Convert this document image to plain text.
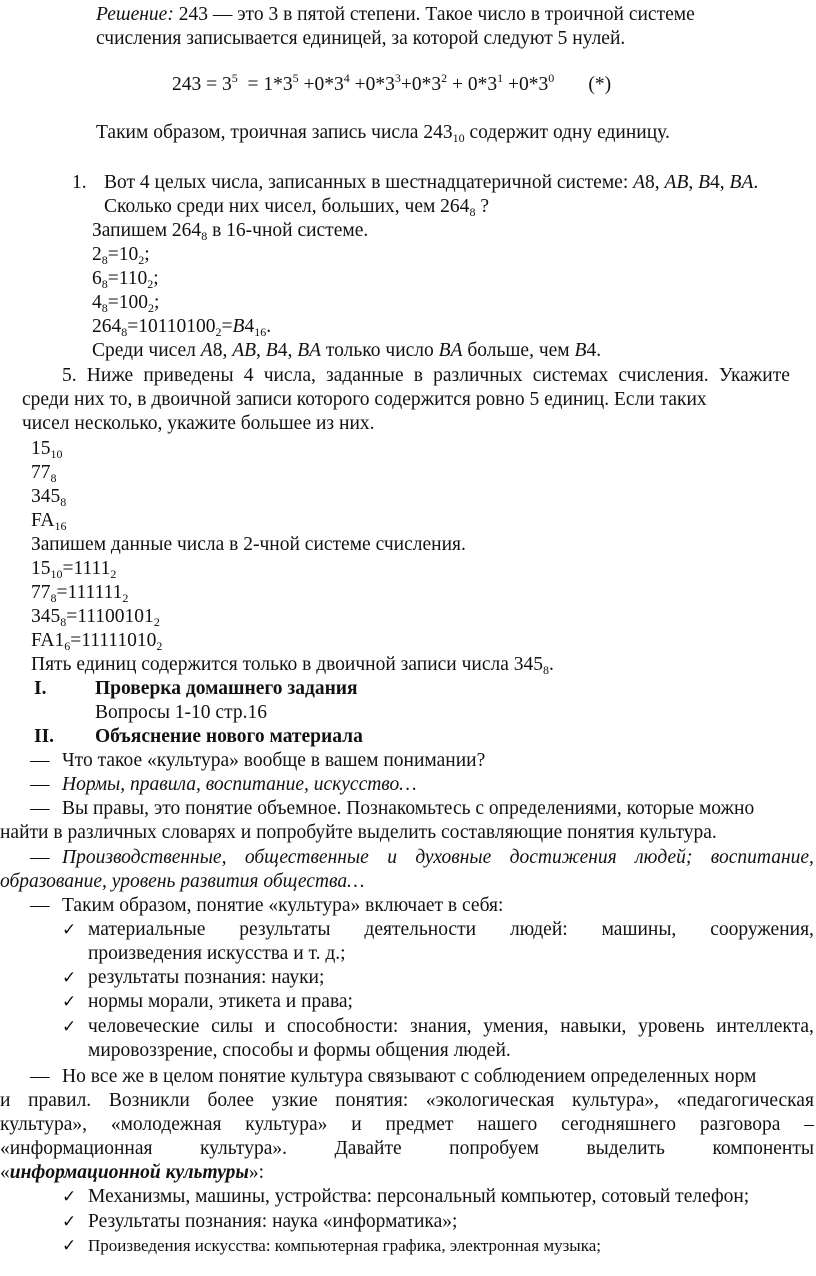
Решение: 243 — это 3 в пятой степени. Такое число в троичной системе
счисления записывается единицей, за которой следуют 5 нулей.
$243 = 3^5 = 1*3^5 +0*3^4 +0*3^3+0*3^2 + 0*3^1 +0*3^0$       (*)
Таким образом, троичная запись числа $243_{10}$ содержит одну единицу.
1. Вот 4 целых числа, записанных в шестнадцатеричной системе: A8, AB, B4, BA.
Сколько среди них чисел, больших, чем $264_8$ ?
Запишем $264_8$ в 16-чной системе.
$2_8=10_2$;
$6_8=110_2$;
$4_8=100_2$;
$264_8=10110100_2=B4_{16}$.
Среди чисел A8, AB, B4, BA только число BA больше, чем B4.
5. Ниже приведены 4 числа, заданные в различных системах счисления. Укажите
среди них то, в двоичной записи которого содержится ровно 5 единиц. Если таких
чисел несколько, укажите большее из них.
$15_{10}$
$77_8$
$345_8$
$FA_{16}$
Запишем данные числа в 2-чной системе счисления.
$15_{10}=1111_2$
$77_8=111111_2$
$345_8=11100101_2$
$FA1_6=11111010_2$
Пять единиц содержится только в двоичной записи числа $345_8$.
I. Проверка домашнего задания
Вопросы 1-10 стр.16
II. Объяснение нового материала
― Что такое «культура» вообще в вашем понимании?
― Нормы, правила, воспитание, искусство…
― Вы правы, это понятие объемное. Познакомьтесь с определениями, которые можно
найти в различных словарях и попробуйте выделить составляющие понятия культура.
― Производственные, общественные и духовные достижения людей; воспитание,
образование, уровень развития общества…
― Таким образом, понятие «культура» включает в себя:
✓ материальные результаты деятельности людей: машины, сооружения,
произведения искусства и т. д.;
✓ результаты познания: науки;
✓ нормы морали, этикета и права;
✓ человеческие силы и способности: знания, умения, навыки, уровень интеллекта,
мировоззрение, способы и формы общения людей.
― Но все же в целом понятие культура связывают с соблюдением определенных норм
и правил. Возникли более узкие понятия: «экологическая культура», «педагогическая
культура», «молодежная культура» и предмет нашего сегодняшнего разговора –
«информационная культура». Давайте попробуем выделить компоненты
«информационной культуры»:
✓ Механизмы, машины, устройства: персональный компьютер, сотовый телефон;
✓ Результаты познания: наука «информатика»;
✓ Произведения искусства: компьютерная графика, электронная музыка;
